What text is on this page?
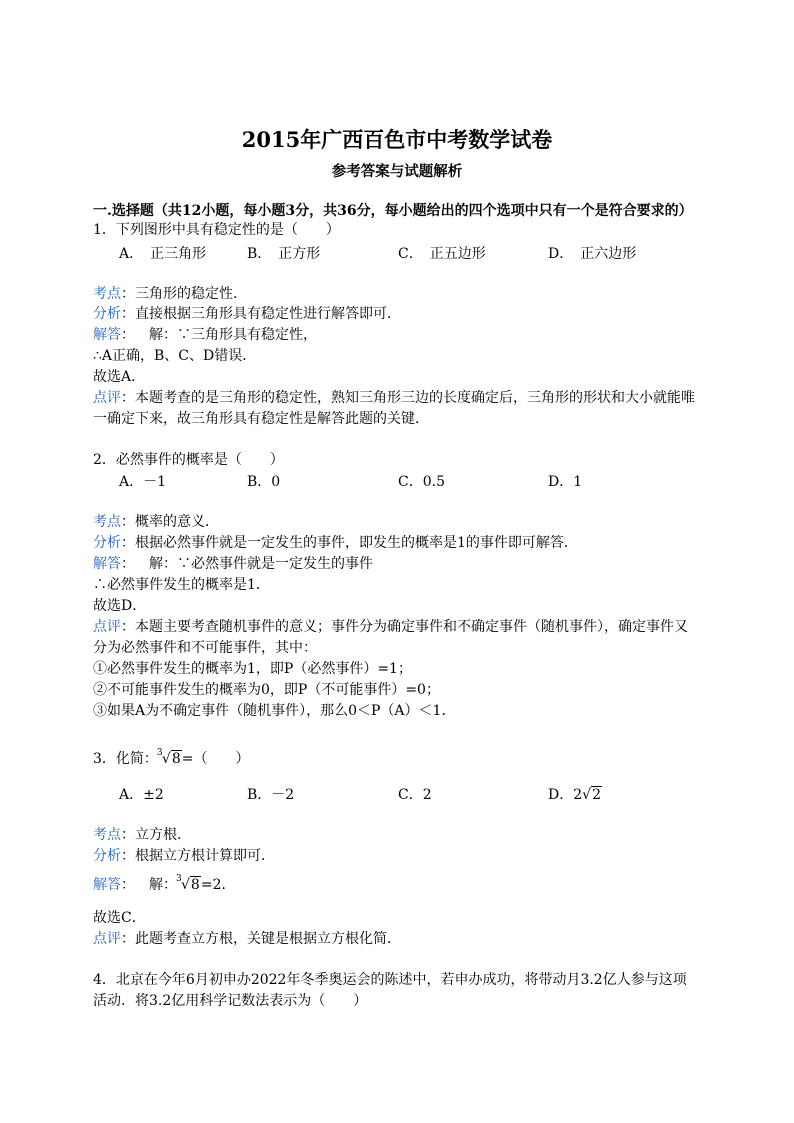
2015年广西百色市中考数学试卷
参考答案与试题解析
一.选择题（共12小题，每小题3分，共36分，每小题给出的四个选项中只有一个是符合要求的）
1．下列图形中具有稳定性的是（　　）
A．　正三角形	B．　正方形	C．　正五边形	D．　正六边形
考点：三角形的稳定性．
分析：直接根据三角形具有稳定性进行解答即可．
解答： 解：∵三角形具有稳定性，
∴A正确，B、C、D错误．
故选A．
点评：本题考查的是三角形的稳定性，熟知三角形三边的长度确定后，三角形的形状和大小就能唯
一确定下来，故三角形具有稳定性是解答此题的关键．
2．必然事件的概率是（　　）
A．－1	B．0	C．0.5	D．1
考点：概率的意义．
分析：根据必然事件就是一定发生的事件，即发生的概率是1的事件即可解答．
解答： 解：∵必然事件就是一定发生的事件
∴必然事件发生的概率是1．
故选D．
点评：本题主要考查随机事件的意义；事件分为确定事件和不确定事件（随机事件），确定事件又
分为必然事件和不可能事件，其中：
①必然事件发生的概率为1，即P（必然事件）=1；
②不可能事件发生的概率为0，即P（不可能事件）=0；
③如果A为不确定事件（随机事件），那么0＜P（A）＜1．
3．化简： 3 √8=（　　）
A．±2	B．－2	C．2	D．2√2
考点：立方根．
分析：根据立方根计算即可．
解答： 解： 3 √8=2．
故选C．
点评：此题考查立方根，关键是根据立方根化简．
4．北京在今年6月初申办2022年冬季奥运会的陈述中，若申办成功，将带动月3.2亿人参与这项
活动．将3.2亿用科学记数法表示为（　　）
